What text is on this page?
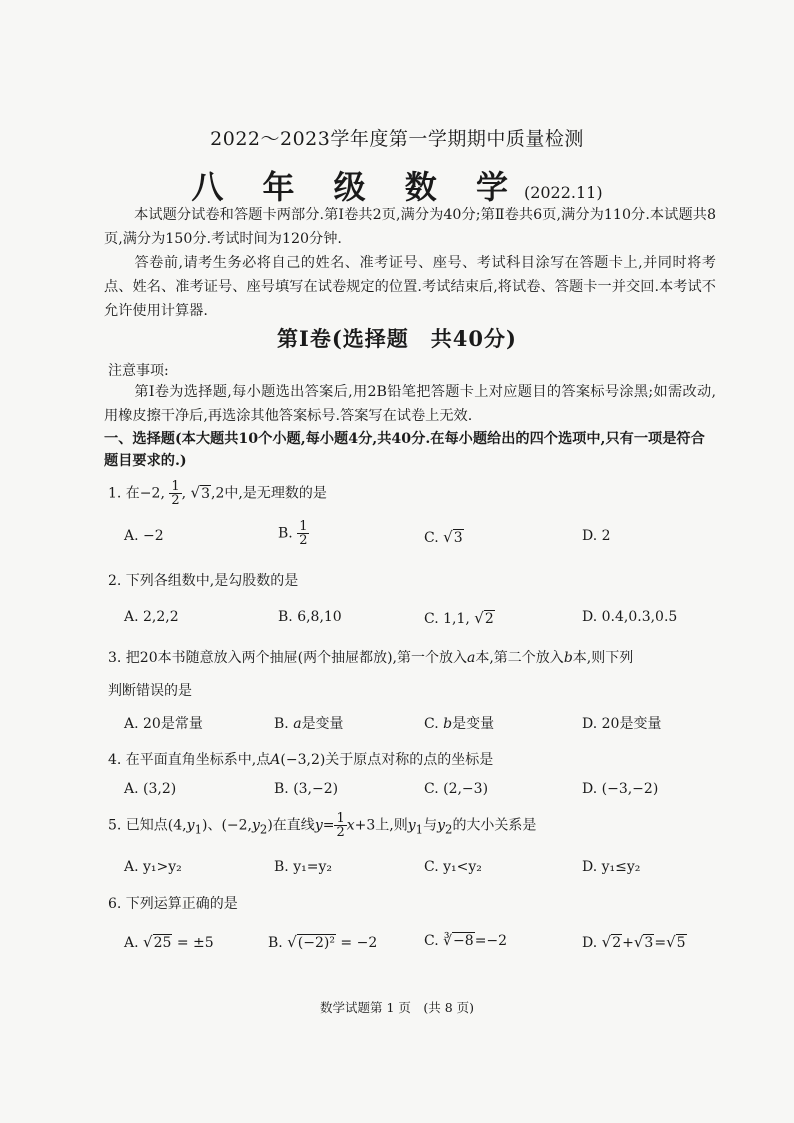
2022～2023学年度第一学期期中质量检测
八 年 级 数 学 (2022.11)
本试题分试卷和答题卡两部分.第Ⅰ卷共2页,满分为40分;第Ⅱ卷共6页,满分为110分.本试题共8页,满分为150分.考试时间为120分钟.
答卷前,请考生务必将自己的姓名、准考证号、座号、考试科目涂写在答题卡上,并同时将考点、姓名、准考证号、座号填写在试卷规定的位置.考试结束后,将试卷、答题卡一并交回.本考试不允许使用计算器.
第Ⅰ卷(选择题　共40分)
注意事项:
第Ⅰ卷为选择题,每小题选出答案后,用2B铅笔把答题卡上对应题目的答案标号涂黑;如需改动,用橡皮擦干净后,再选涂其他答案标号.答案写在试卷上无效.
一、选择题(本大题共10个小题,每小题4分,共40分.在每小题给出的四个选项中,只有一项是符合题目要求的.)
1. 在−2, $\frac{1}{2}$ , √3,2中,是无理数的是
A. −2	B. $\frac{1}{2}$	C. √3	D. 2
2. 下列各组数中,是勾股数的是
A. 2,2,2	B. 6,8,10	C. 1,1, √2	D. 0.4,0.3,0.5
3. 把20本书随意放入两个抽屉(两个抽屉都放),第一个放入a本,第二个放入b本,则下列
判断错误的是
A. 20是常量	B. a是变量	C. b是变量	D. 20是变量
4. 在平面直角坐标系中,点A(−3,2)关于原点对称的点的坐标是
A. (3,2)	B. (3,−2)	C. (2,−3)	D. (−3,−2)
5. 已知点$(4,y_1)$、$(-2,y_2)$在直线$y= \frac{1}{2} x+3$上,则$y_1$与$y_2$的大小关系是
A. y₁>y₂	B. y₁=y₂	C. y₁<y₂	D. y₁≤y₂
6. 下列运算正确的是
A. √25 = ±5	B. √(−2)² = −2	C. ∛−8=−2	D. √2+√3=√5
数学试题第 1 页　(共 8 页)
